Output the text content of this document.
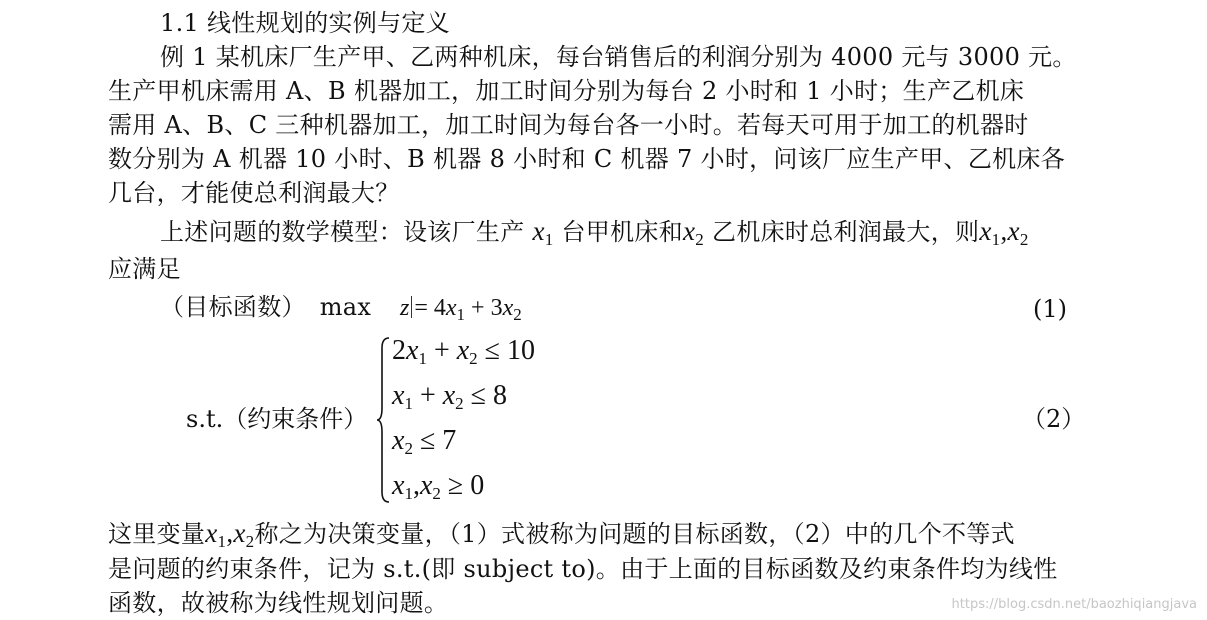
1.1 线性规划的实例与定义
例 1 某机床厂生产甲、乙两种机床，每台销售后的利润分别为 4000 元与 3000 元。
生产甲机床需用 A、B 机器加工，加工时间分别为每台 2 小时和 1 小时；生产乙机床
需用 A、B、C 三种机器加工，加工时间为每台各一小时。若每天可用于加工的机器时
数分别为 A 机器 10 小时、B 机器 8 小时和 C 机器 7 小时，问该厂应生产甲、乙机床各
几台，才能使总利润最大？
上述问题的数学模型：设该厂生产 $x_1$ 台甲机床和$x_2$ 乙机床时总利润最大，则$x_1,x_2$
应满足
（目标函数） max	$z = 4x_1 + 3x_2$	(1)
$2x_1 + x_2 \le 10$
$x_1 + x_2 \le 8$
$x_2 \le 7$
$x_1,x_2 \ge 0$
s.t.（约束条件）	（2）
这里变量$x_1,x_2$称之为决策变量，（1）式被称为问题的目标函数，（2）中的几个不等式
是问题的约束条件，记为 s.t.(即 subject to)。由于上面的目标函数及约束条件均为线性
函数，故被称为线性规划问题。	https://blog.csdn.net/baozhiqiangjava
